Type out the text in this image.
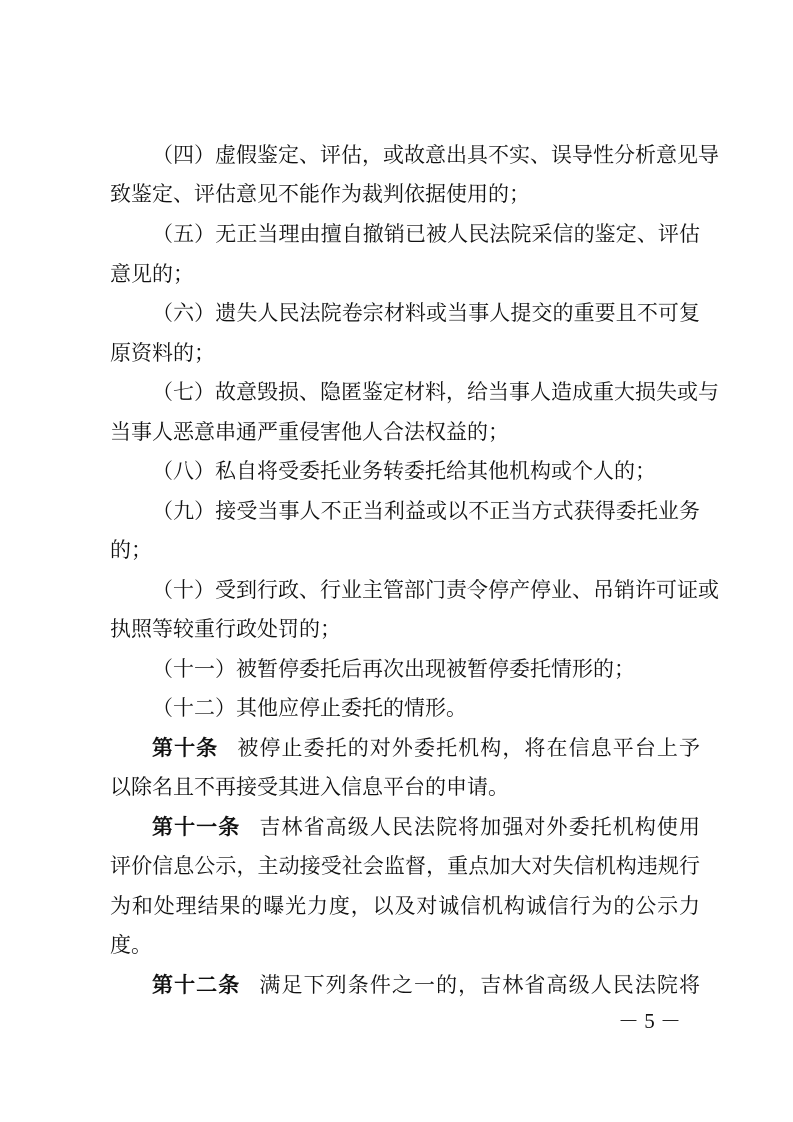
（四）虚假鉴定、评估，或故意出具不实、误导性分析意见导
致鉴定、评估意见不能作为裁判依据使用的；
（五）无正当理由擅自撤销已被人民法院采信的鉴定、评估
意见的；
（六）遗失人民法院卷宗材料或当事人提交的重要且不可复
原资料的；
（七）故意毁损、隐匿鉴定材料，给当事人造成重大损失或与
当事人恶意串通严重侵害他人合法权益的；
（八）私自将受委托业务转委托给其他机构或个人的；
（九）接受当事人不正当利益或以不正当方式获得委托业务
的；
（十）受到行政、行业主管部门责令停产停业、吊销许可证或
执照等较重行政处罚的；
（十一）被暂停委托后再次出现被暂停委托情形的；
（十二）其他应停止委托的情形。
第十条 被停止委托的对外委托机构，将在信息平台上予
以除名且不再接受其进入信息平台的申请。
第十一条 吉林省高级人民法院将加强对外委托机构使用
评价信息公示，主动接受社会监督，重点加大对失信机构违规行
为和处理结果的曝光力度，以及对诚信机构诚信行为的公示力
度。
第十二条 满足下列条件之一的，吉林省高级人民法院将
－ 5 －
